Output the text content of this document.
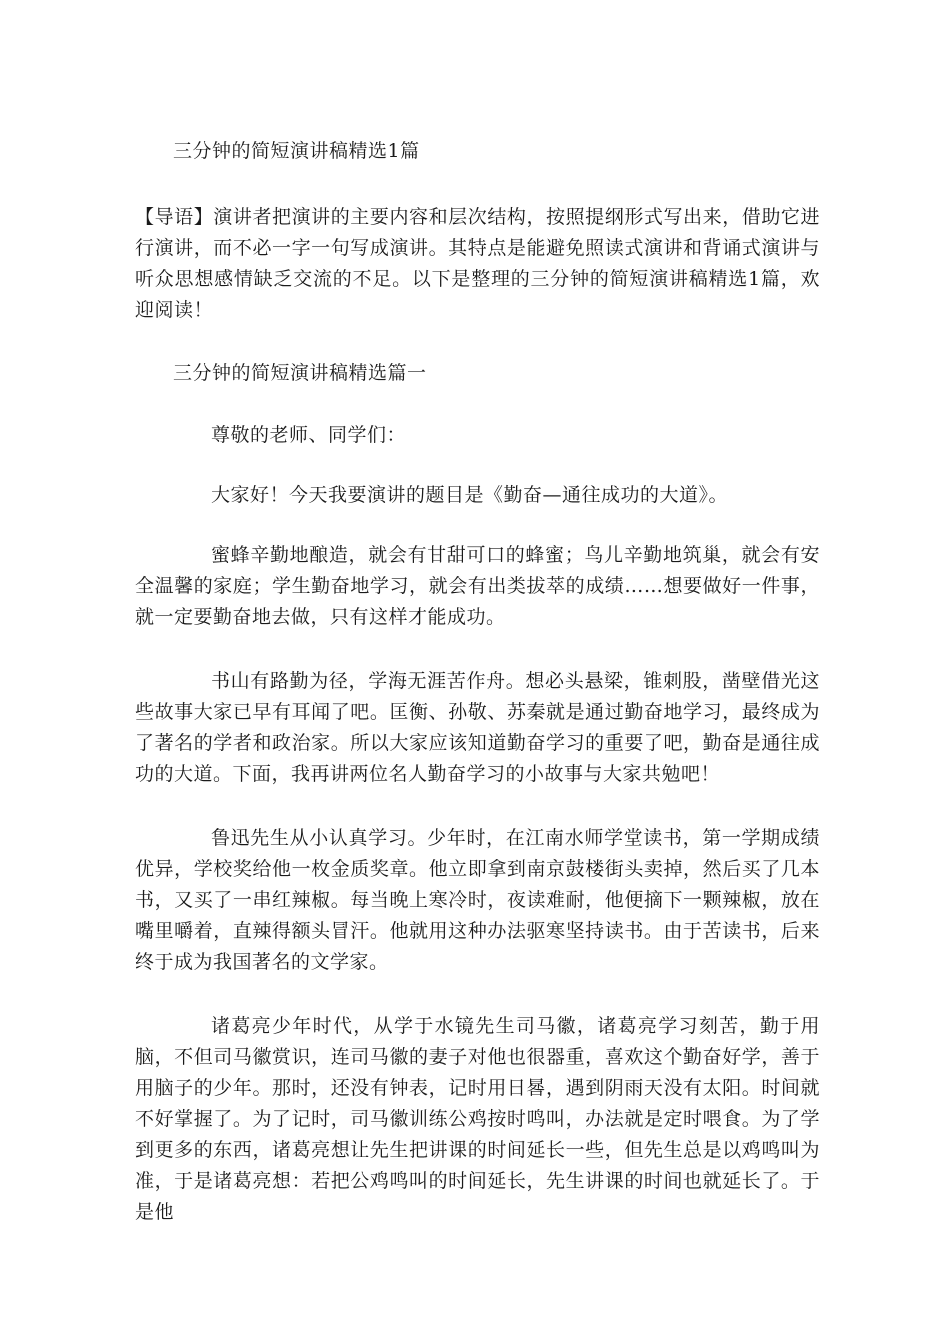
三分钟的简短演讲稿精选1篇

【导语】演讲者把演讲的主要内容和层次结构，按照提纲形式写出来，借助它进行演讲，而不必一字一句写成演讲。其特点是能避免照读式演讲和背诵式演讲与听众思想感情缺乏交流的不足。以下是整理的三分钟的简短演讲稿精选1篇，欢迎阅读！

三分钟的简短演讲稿精选篇一

尊敬的老师、同学们：

大家好！今天我要演讲的题目是《勤奋—通往成功的大道》。

蜜蜂辛勤地酿造，就会有甘甜可口的蜂蜜；鸟儿辛勤地筑巢，就会有安全温馨的家庭；学生勤奋地学习，就会有出类拔萃的成绩……想要做好一件事，就一定要勤奋地去做，只有这样才能成功。

书山有路勤为径，学海无涯苦作舟。想必头悬梁，锥刺股，凿壁借光这些故事大家已早有耳闻了吧。匡衡、孙敬、苏秦就是通过勤奋地学习，最终成为了著名的学者和政治家。所以大家应该知道勤奋学习的重要了吧，勤奋是通往成功的大道。下面，我再讲两位名人勤奋学习的小故事与大家共勉吧！

鲁迅先生从小认真学习。少年时，在江南水师学堂读书，第一学期成绩优异，学校奖给他一枚金质奖章。他立即拿到南京鼓楼街头卖掉，然后买了几本书，又买了一串红辣椒。每当晚上寒冷时，夜读难耐，他便摘下一颗辣椒，放在嘴里嚼着，直辣得额头冒汗。他就用这种办法驱寒坚持读书。由于苦读书，后来终于成为我国著名的文学家。

诸葛亮少年时代，从学于水镜先生司马徽，诸葛亮学习刻苦，勤于用脑，不但司马徽赏识，连司马徽的妻子对他也很器重，喜欢这个勤奋好学，善于用脑子的少年。那时，还没有钟表，记时用日晷，遇到阴雨天没有太阳。时间就不好掌握了。为了记时，司马徽训练公鸡按时鸣叫，办法就是定时喂食。为了学到更多的东西，诸葛亮想让先生把讲课的时间延长一些，但先生总是以鸡鸣叫为准，于是诸葛亮想：若把公鸡鸣叫的时间延长，先生讲课的时间也就延长了。于是他
